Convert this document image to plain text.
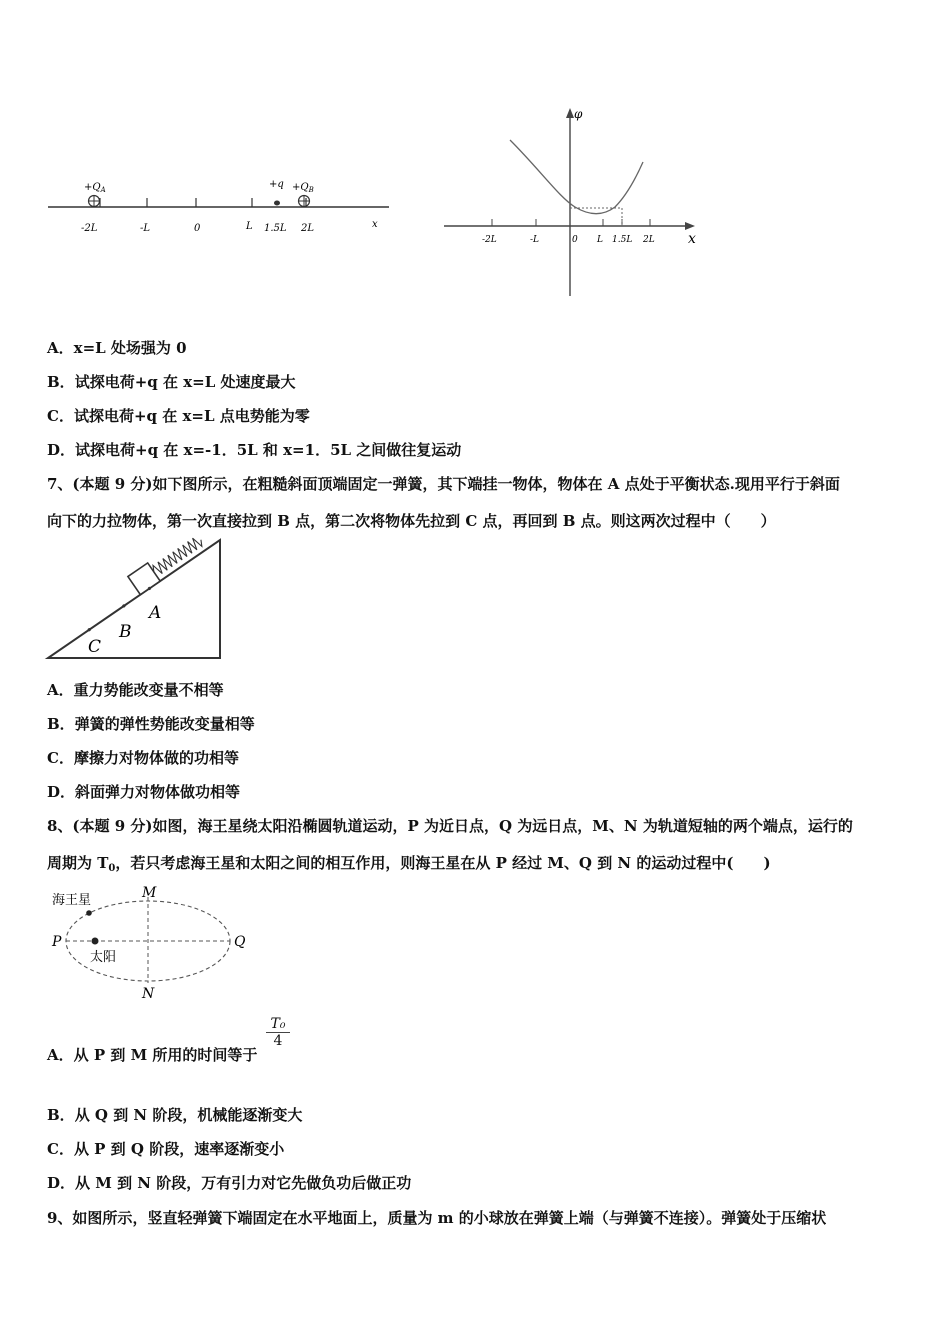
$+Q_A$	$+q +Q_B$
-2L	-L	0	L 1.5L 2L	x
φ
x
-2L	-L	0 L 1.5L 2L
A．x=L 处场强为 0
B．试探电荷+q 在 x=L 处速度最大
C．试探电荷+q 在 x=L 点电势能为零
D．试探电荷+q 在 x=-1．5L 和 x=1．5L 之间做往复运动
7、(本题 9 分)如下图所示，在粗糙斜面顶端固定一弹簧，其下端挂一物体，物体在 A 点处于平衡状态.现用平行于斜面
向下的力拉物体，第一次直接拉到 B 点，第二次将物体先拉到 C 点，再回到 B 点。则这两次过程中（　　）
A
B
C
A．重力势能改变量不相等
B．弹簧的弹性势能改变量相等
C．摩擦力对物体做的功相等
D．斜面弹力对物体做功相等
8、(本题 9 分)如图，海王星绕太阳沿椭圆轨道运动，P 为近日点，Q 为远日点，M、N 为轨道短轴的两个端点，运行的
周期为 $T_0$，若只考虑海王星和太阳之间的相互作用，则海王星在从 P 经过 M、Q 到 N 的运动过程中(　　)
海王星
太阳
M
N
P	Q
A．从 P 到 M 所用的时间等于
$\frac{\text{T₀}}{4}$
B．从 Q 到 N 阶段，机械能逐渐变大
C．从 P 到 Q 阶段，速率逐渐变小
D．从 M 到 N 阶段，万有引力对它先做负功后做正功
9、如图所示，竖直轻弹簧下端固定在水平地面上，质量为 m 的小球放在弹簧上端（与弹簧不连接）。弹簧处于压缩状
